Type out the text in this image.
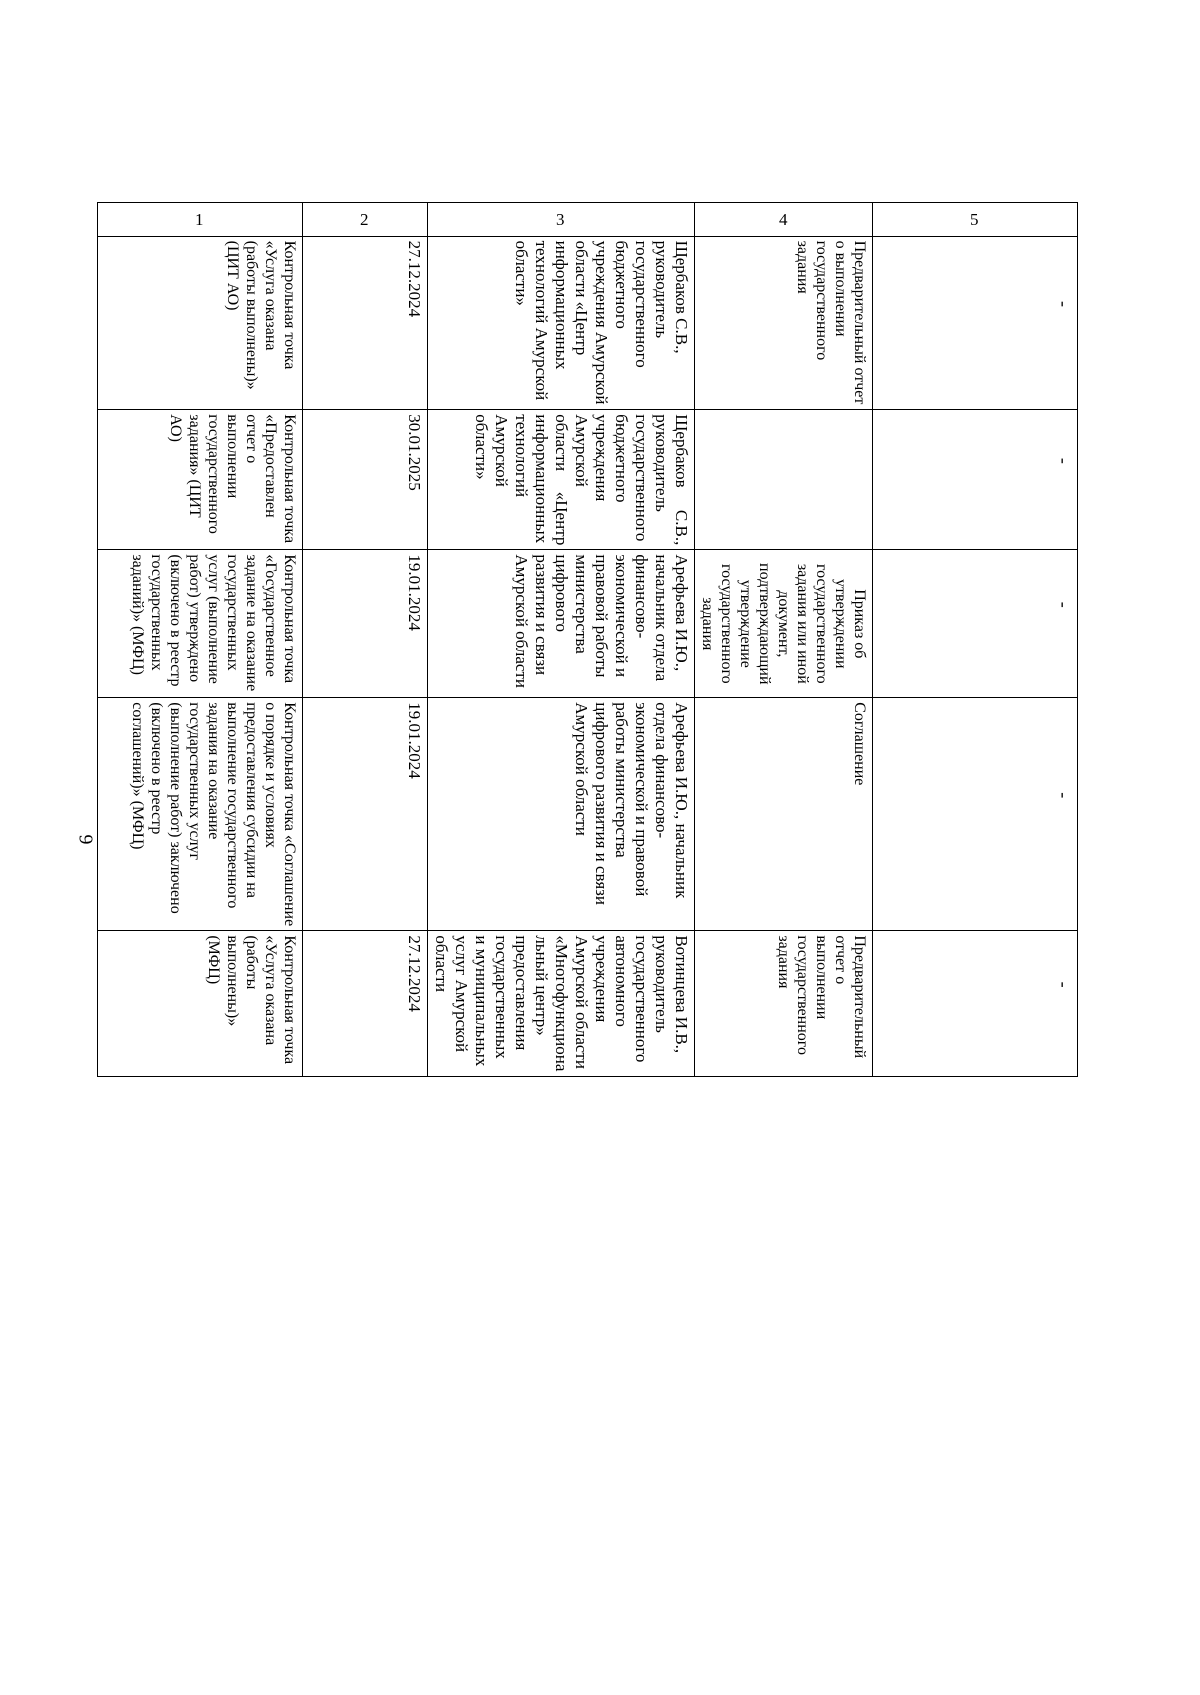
6
5	-	-	-	-	-
4	Предварительный отчет о выполнении государственного задания		Приказ об утверждении государственного задания или иной документ, подтверждающий утверждение государственного задания	Соглашение	Предварительный отчет о выполнении государственного задания
3	Щербаков С.В., руководитель государственного бюджетного учреждения Амурской области «Центр информационных технологий Амурской области»	Щербаков С.В., руководитель государственного бюджетного учреждения Амурской области «Центр информационных технологий Амурской области»	Арефьева И.Ю., начальник отдела финансово-экономической и правовой работы министерства цифрового развития и связи Амурской области	Арефьева И.Ю., начальник отдела финансово-экономической и правовой работы министерства цифрового развития и связи Амурской области	Вотинцева И.В., руководитель государственного автономного учреждения Амурской области «Многофункциональный центр» предоставления государственных и муниципальных услуг Амурской области
2	27.12.2024	30.01.2025	19.01.2024	19.01.2024	27.12.2024
1	Контрольная точка «Услуга оказана (работы выполнены)» (ЦИТ АО)	Контрольная точка «Предоставлен отчет о выполнении государственного задания» (ЦИТ АО)	Контрольная точка «Государственное задание на оказание государственных услуг (выполнение работ) утверждено (включено в реестр государственных заданий)» (МФЦ)	Контрольная точка «Соглашение о порядке и условиях предоставления субсидии на выполнение государственного задания на оказание государственных услуг (выполнение работ) заключено (включено в реестр соглашений)» (МФЦ)	Контрольная точка «Услуга оказана (работы выполнены)» (МФЦ)
